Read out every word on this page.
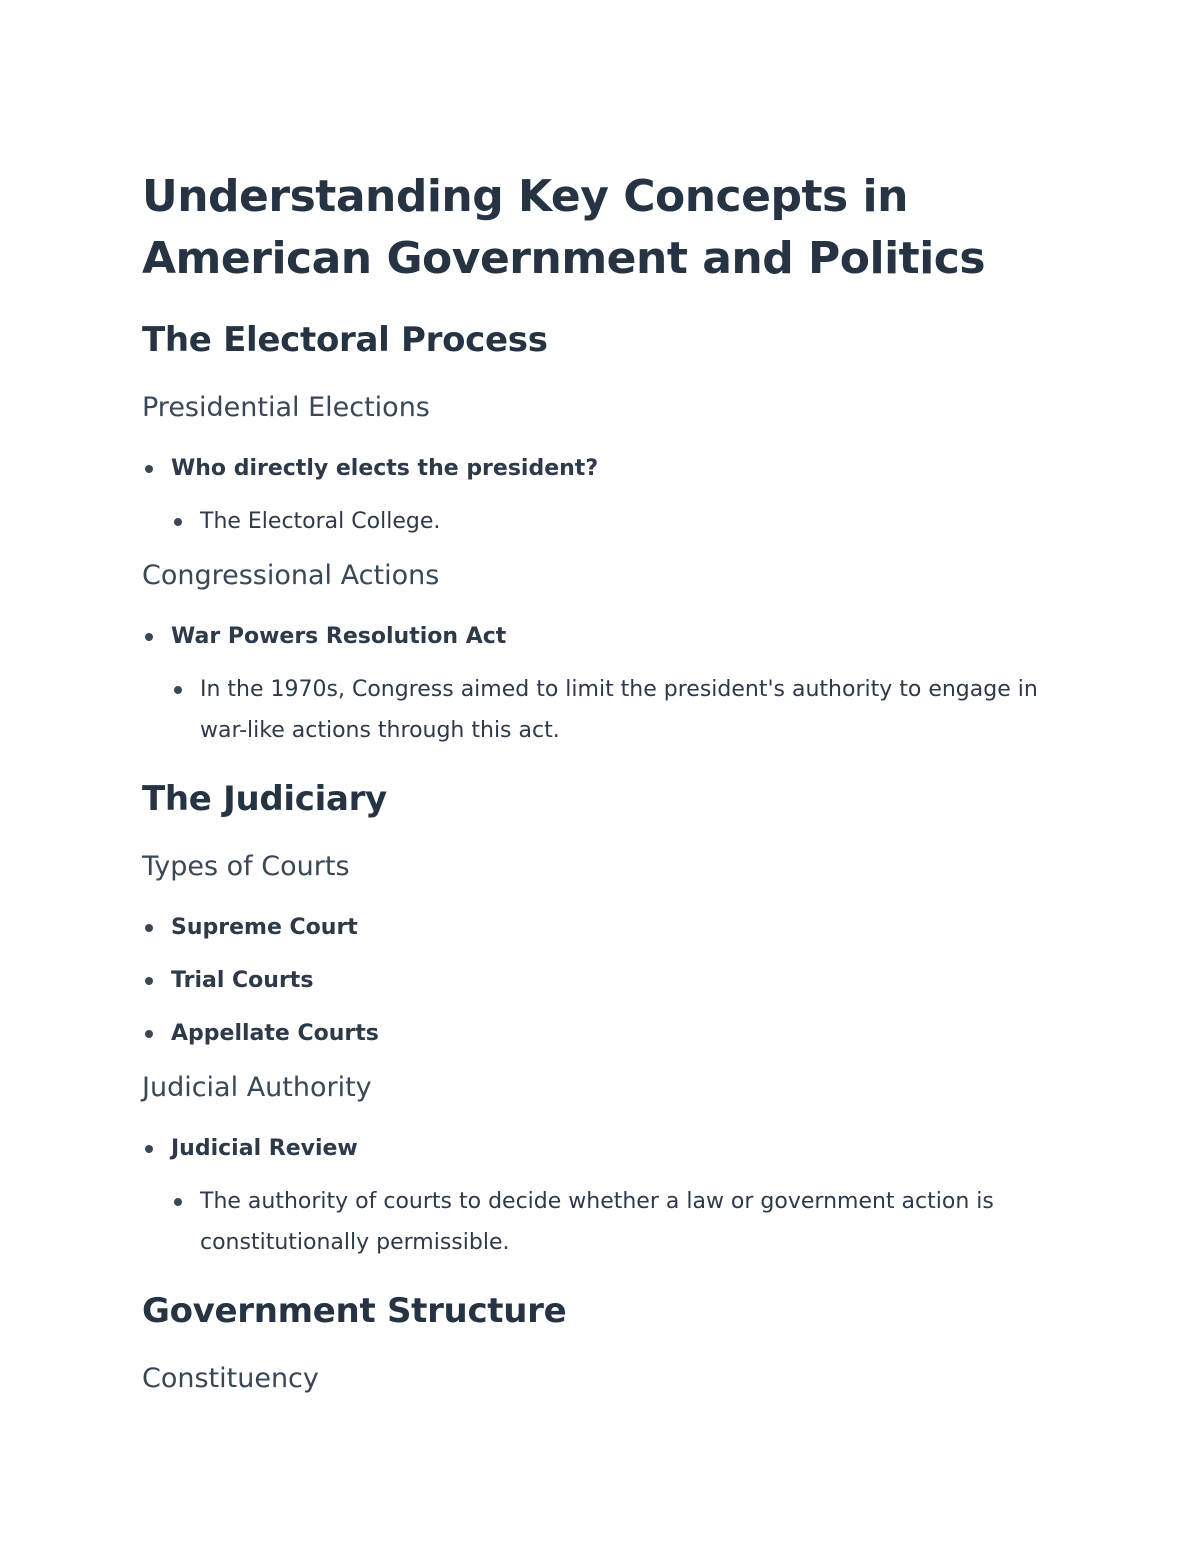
Understanding Key Concepts in American Government and Politics
The Electoral Process
Presidential Elections
Who directly elects the president?
The Electoral College.
Congressional Actions
War Powers Resolution Act
In the 1970s, Congress aimed to limit the president's authority to engage in war-like actions through this act.
The Judiciary
Types of Courts
Supreme Court
Trial Courts
Appellate Courts
Judicial Authority
Judicial Review
The authority of courts to decide whether a law or government action is constitutionally permissible.
Government Structure
Constituency
